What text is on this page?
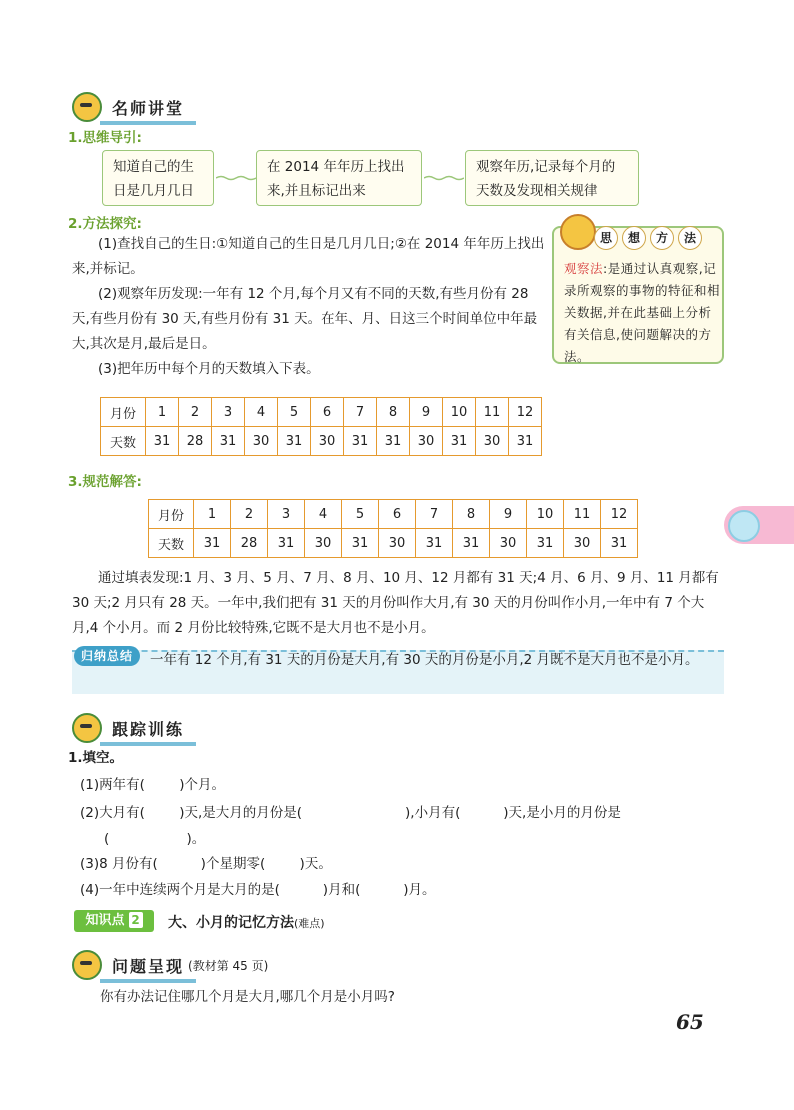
名师讲堂
1.思维导引:
知道自己的生日是几月几日
在 2014 年年历上找出来,并且标记出来
观察年历,记录每个月的天数及发现相关规律
2.方法探究:
(1)查找自己的生日:①知道自己的生日是几月几日;②在 2014 年年历上找出来,并标记。
(2)观察年历发现:一年有 12 个月,每个月又有不同的天数,有些月份有 28 天,有些月份有 30 天,有些月份有 31 天。在年、月、日这三个时间单位中年最大,其次是月,最后是日。
(3)把年历中每个月的天数填入下表。
思	想	方	法
观察法:是通过认真观察,记录所观察的事物的特征和相关数据,并在此基础上分析有关信息,使问题解决的方法。
月份	1	2	3	4	5	6	7	8	9	10	11	12
天数	31	28	31	30	31	30	31	31	30	31	30	31
3.规范解答:
月份	1	2	3	4	5	6	7	8	9	10	11	12
天数	31	28	31	30	31	30	31	31	30	31	30	31
通过填表发现:1 月、3 月、5 月、7 月、8 月、10 月、12 月都有 31 天;4 月、6 月、9 月、11 月都有 30 天;2 月只有 28 天。一年中,我们把有 31 天的月份叫作大月,有 30 天的月份叫作小月,一年中有 7 个大月,4 个小月。而 2 月份比较特殊,它既不是大月也不是小月。
归纳总结	一年有 12 个月,有 31 天的月份是大月,有 30 天的月份是小月,2 月既不是大月也不是小月。
跟踪训练
1.填空。
(1)两年有(        )个月。
(2)大月有(        )天,是大月的月份是(                        ),小月有(          )天,是小月的月份是
(                  )。
(3)8 月份有(          )个星期零(        )天。
(4)一年中连续两个月是大月的是(          )月和(          )月。
知识点 2	大、小月的记忆方法(难点)
问题呈现 (教材第 45 页)
你有办法记住哪几个月是大月,哪几个月是小月吗?
65
